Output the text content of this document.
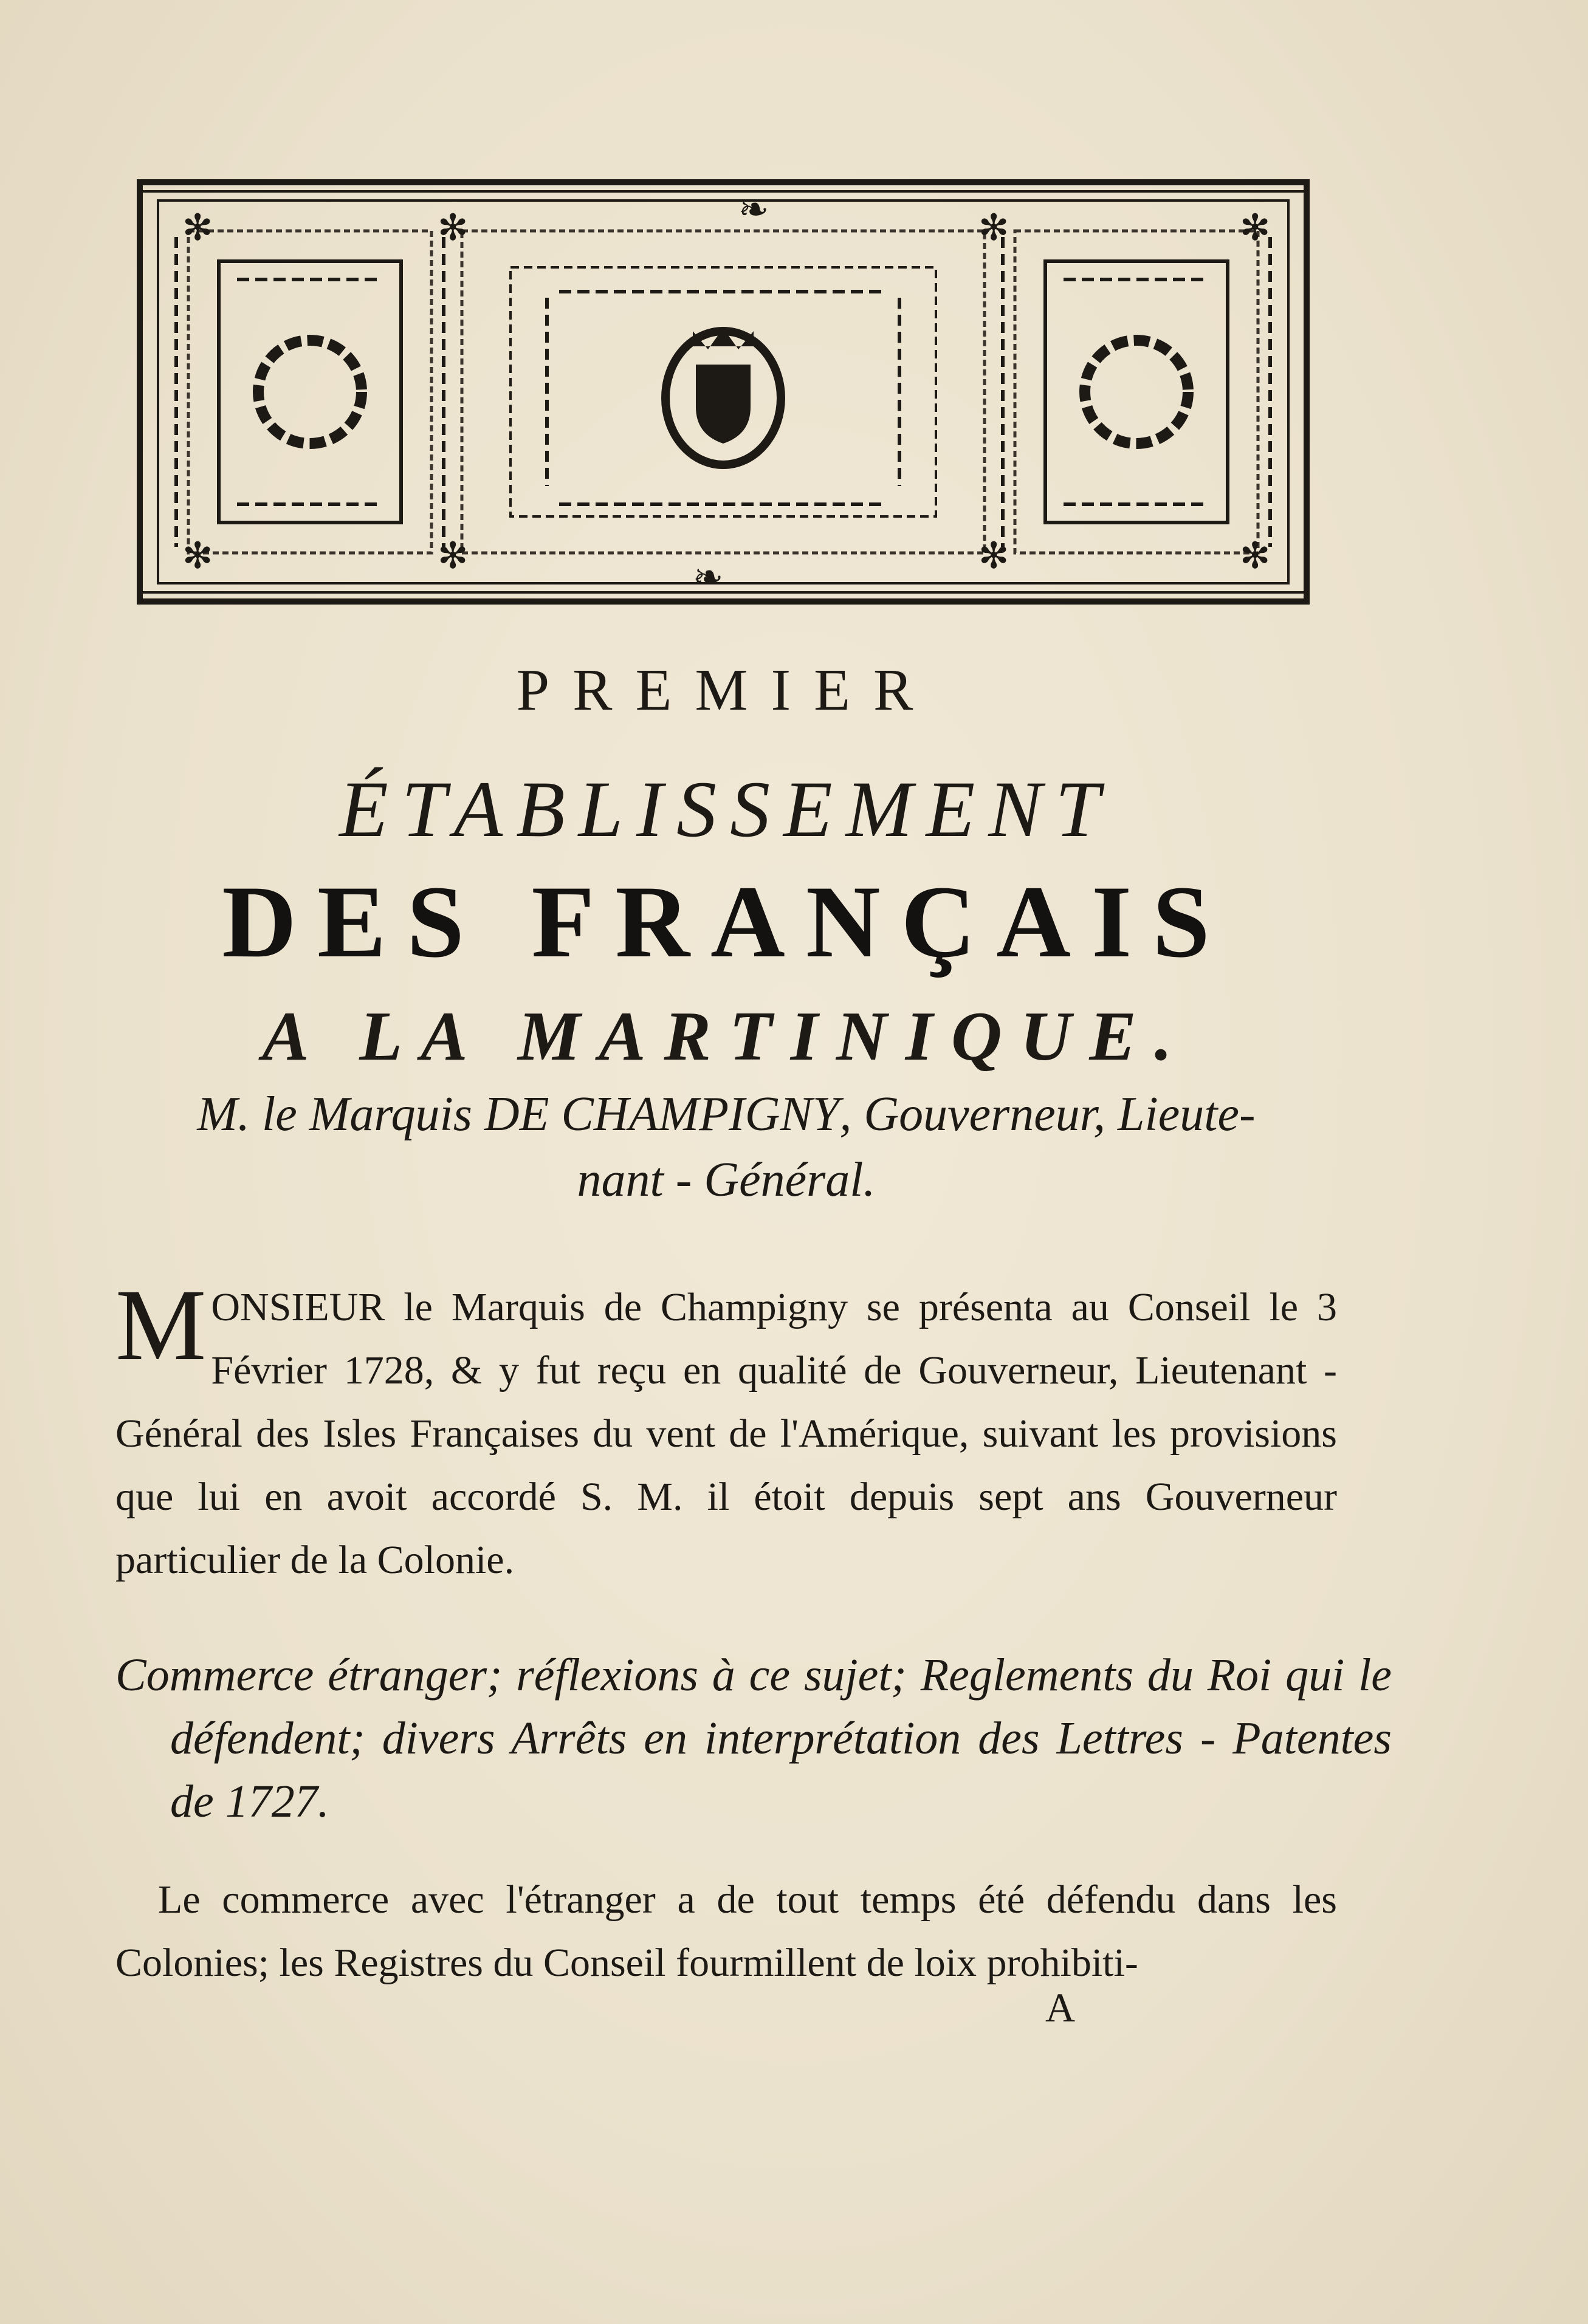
✻	✻
✻	✻
✻	✻
✻	✻
❧
❧
PREMIER
ÉTABLISSEMENT
DES FRANÇAIS
A LA MARTINIQUE.
M. le Marquis DE CHAMPIGNY, Gouverneur, Lieute-
nant - Général.
MONSIEUR le Marquis de Champigny se présenta au Conseil le 3 Février 1728, & y fut reçu en qualité de Gouverneur, Lieutenant - Général des Isles Françaises du vent de l'Amérique, suivant les provisions que lui en avoit accordé S. M. il étoit depuis sept ans Gouverneur particulier de la Colonie.
Commerce étranger; réflexions à ce sujet; Reglements du Roi qui le défendent; divers Arrêts en interprétation des Lettres - Patentes de 1727.
Le commerce avec l'étranger a de tout temps été défendu dans les Colonies; les Registres du Conseil fourmillent de loix prohibiti-
A
